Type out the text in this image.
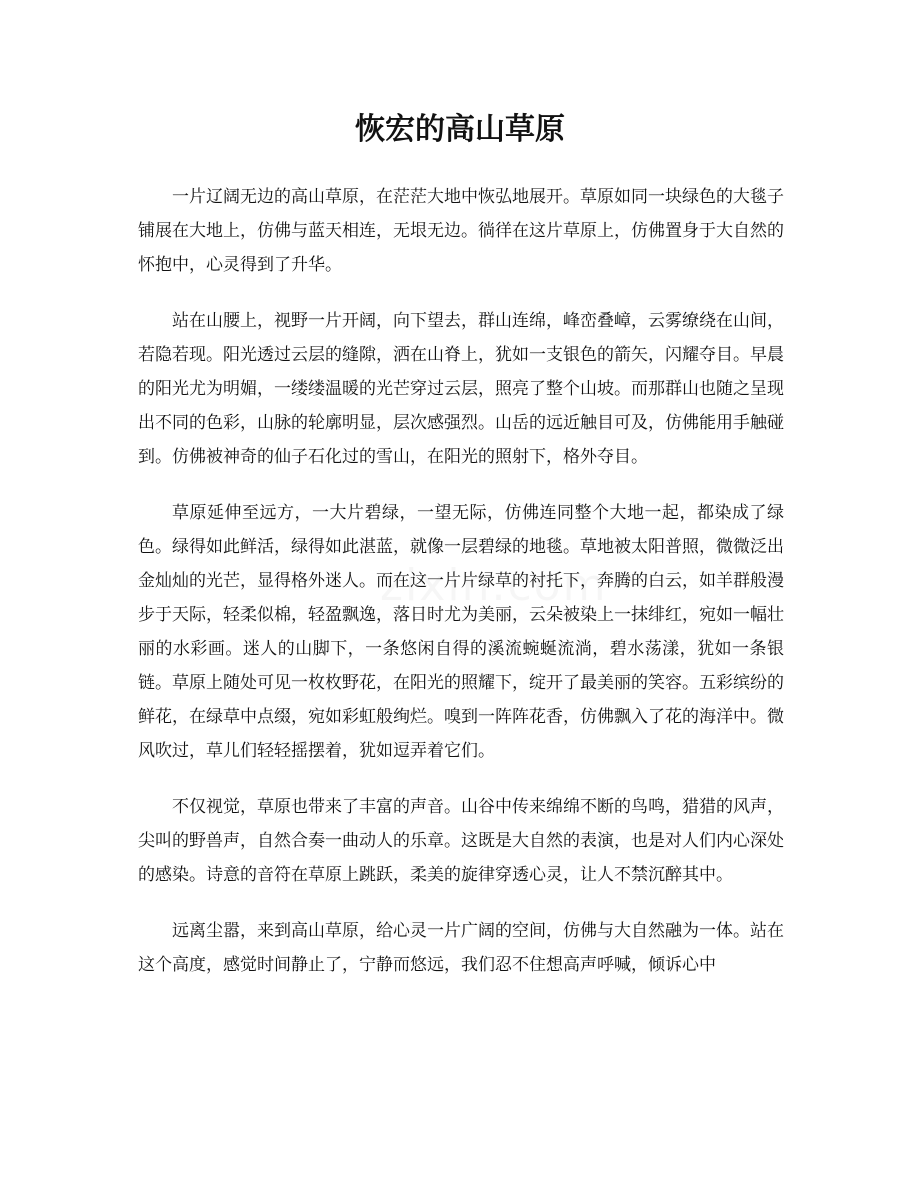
恢宏的高山草原

一片辽阔无边的高山草原，在茫茫大地中恢弘地展开。草原如同一块绿色的大毯子铺展在大地上，仿佛与蓝天相连，无垠无边。徜徉在这片草原上，仿佛置身于大自然的怀抱中，心灵得到了升华。

站在山腰上，视野一片开阔，向下望去，群山连绵，峰峦叠嶂，云雾缭绕在山间，若隐若现。阳光透过云层的缝隙，洒在山脊上，犹如一支银色的箭矢，闪耀夺目。早晨的阳光尤为明媚，一缕缕温暖的光芒穿过云层，照亮了整个山坡。而那群山也随之呈现出不同的色彩，山脉的轮廓明显，层次感强烈。山岳的远近触目可及，仿佛能用手触碰到。仿佛被神奇的仙子石化过的雪山，在阳光的照射下，格外夺目。

草原延伸至远方，一大片碧绿，一望无际，仿佛连同整个大地一起，都染成了绿色。绿得如此鲜活，绿得如此湛蓝，就像一层碧绿的地毯。草地被太阳普照，微微泛出金灿灿的光芒，显得格外迷人。而在这一片片绿草的衬托下，奔腾的白云，如羊群般漫步于天际，轻柔似棉，轻盈飘逸，落日时尤为美丽，云朵被染上一抹绯红，宛如一幅壮丽的水彩画。迷人的山脚下，一条悠闲自得的溪流蜿蜒流淌，碧水荡漾，犹如一条银链。草原上随处可见一枚枚野花，在阳光的照耀下，绽开了最美丽的笑容。五彩缤纷的鲜花，在绿草中点缀，宛如彩虹般绚烂。嗅到一阵阵花香，仿佛飘入了花的海洋中。微风吹过，草儿们轻轻摇摆着，犹如逗弄着它们。

不仅视觉，草原也带来了丰富的声音。山谷中传来绵绵不断的鸟鸣，猎猎的风声，尖叫的野兽声，自然合奏一曲动人的乐章。这既是大自然的表演，也是对人们内心深处的感染。诗意的音符在草原上跳跃，柔美的旋律穿透心灵，让人不禁沉醉其中。

远离尘嚣，来到高山草原，给心灵一片广阔的空间，仿佛与大自然融为一体。站在这个高度，感觉时间静止了，宁静而悠远，我们忍不住想高声呼喊，倾诉心中
